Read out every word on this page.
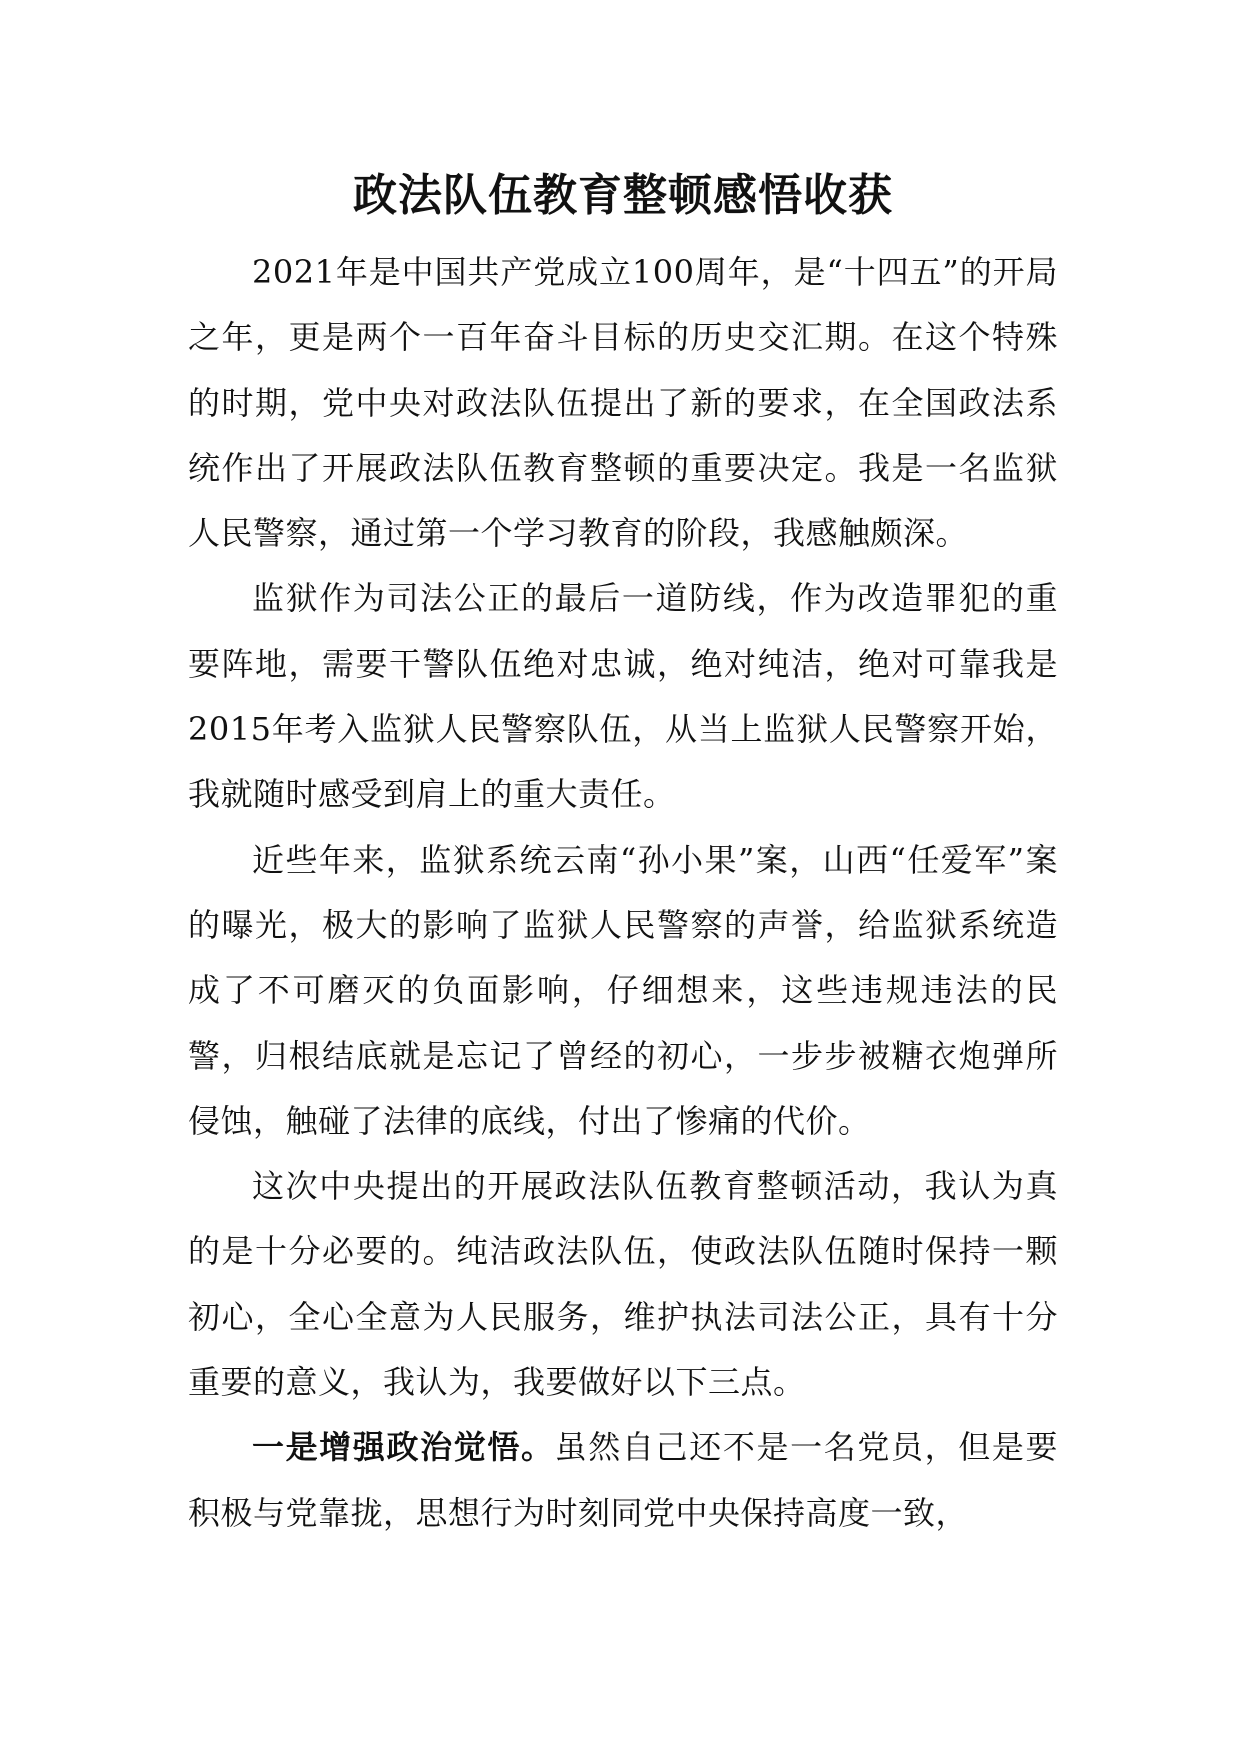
政法队伍教育整顿感悟收获

2021年是中国共产党成立100周年，是“十四五”的开局之年，更是两个一百年奋斗目标的历史交汇期。在这个特殊的时期，党中央对政法队伍提出了新的要求，在全国政法系统作出了开展政法队伍教育整顿的重要决定。我是一名监狱人民警察，通过第一个学习教育的阶段，我感触颇深。

监狱作为司法公正的最后一道防线，作为改造罪犯的重要阵地，需要干警队伍绝对忠诚，绝对纯洁，绝对可靠我是2015年考入监狱人民警察队伍，从当上监狱人民警察开始，我就随时感受到肩上的重大责任。

近些年来，监狱系统云南“孙小果”案，山西“任爱军”案的曝光，极大的影响了监狱人民警察的声誉，给监狱系统造成了不可磨灭的负面影响，仔细想来，这些违规违法的民警，归根结底就是忘记了曾经的初心，一步步被糖衣炮弹所侵蚀，触碰了法律的底线，付出了惨痛的代价。

这次中央提出的开展政法队伍教育整顿活动，我认为真的是十分必要的。纯洁政法队伍，使政法队伍随时保持一颗初心，全心全意为人民服务，维护执法司法公正，具有十分重要的意义，我认为，我要做好以下三点。

一是增强政治觉悟。虽然自己还不是一名党员，但是要积极与党靠拢，思想行为时刻同党中央保持高度一致，
